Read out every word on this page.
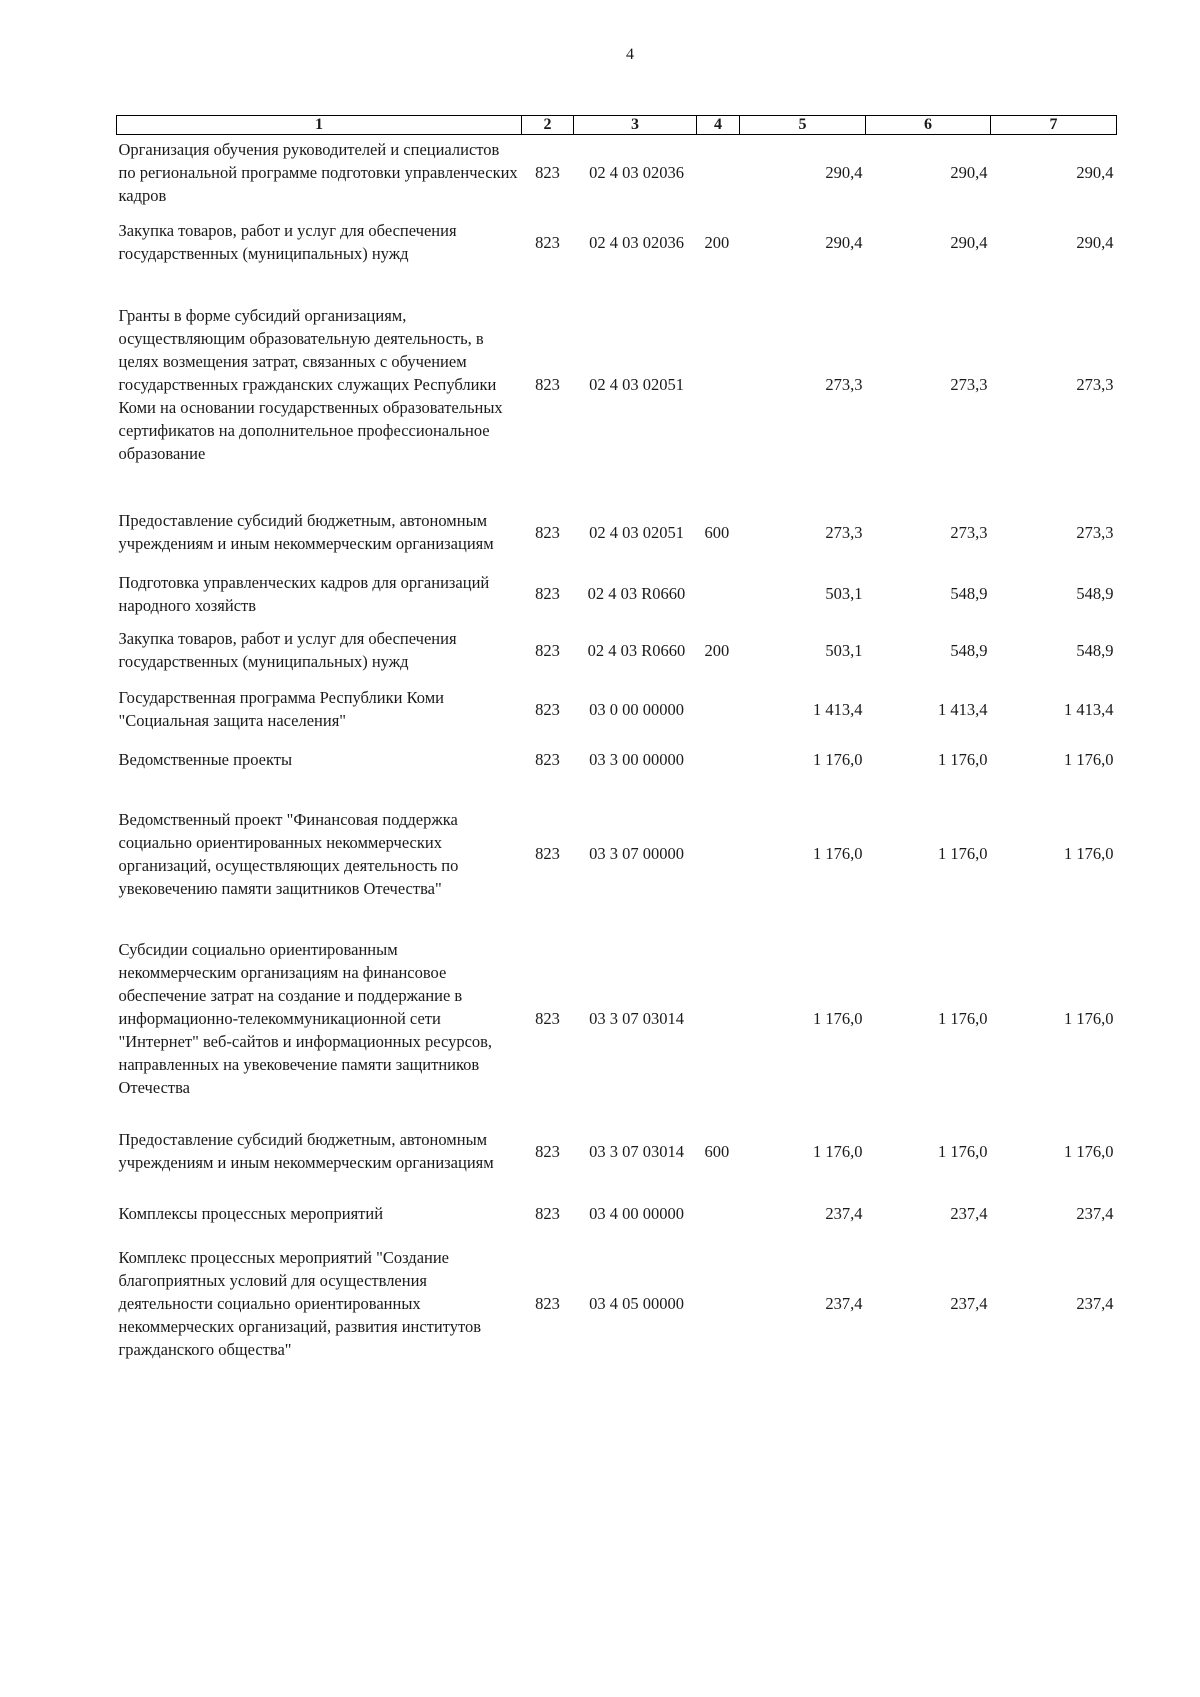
4
1	2	3	4	5	6	7
Организация обучения руководителей и специалистов по региональной программе подготовки управленческих кадров	823	02 4 03 02036		290,4	290,4	290,4
Закупка товаров, работ и услуг для обеспечения государственных (муниципальных) нужд	823	02 4 03 02036	200	290,4	290,4	290,4
Гранты в форме субсидий организациям, осуществляющим образовательную деятельность, в целях возмещения затрат, связанных с обучением государственных гражданских служащих Республики Коми на основании государственных образовательных сертификатов на дополнительное профессиональное образование	823	02 4 03 02051		273,3	273,3	273,3
Предоставление субсидий бюджетным, автономным учреждениям и иным некоммерческим организациям	823	02 4 03 02051	600	273,3	273,3	273,3
Подготовка управленческих кадров для организаций народного хозяйств	823	02 4 03 R0660		503,1	548,9	548,9
Закупка товаров, работ и услуг для обеспечения государственных (муниципальных) нужд	823	02 4 03 R0660	200	503,1	548,9	548,9
Государственная программа Республики Коми "Социальная защита населения"	823	03 0 00 00000		1 413,4	1 413,4	1 413,4
Ведомственные проекты	823	03 3 00 00000		1 176,0	1 176,0	1 176,0
Ведомственный проект "Финансовая поддержка социально ориентированных некоммерческих организаций, осуществляющих деятельность по увековечению памяти защитников Отечества"	823	03 3 07 00000		1 176,0	1 176,0	1 176,0
Субсидии социально ориентированным некоммерческим организациям на финансовое обеспечение затрат на создание и поддержание в информационно-телекоммуникационной сети "Интернет" веб-сайтов и информационных ресурсов, направленных на увековечение памяти защитников Отечества	823	03 3 07 03014		1 176,0	1 176,0	1 176,0
Предоставление субсидий бюджетным, автономным учреждениям и иным некоммерческим организациям	823	03 3 07 03014	600	1 176,0	1 176,0	1 176,0
Комплексы процессных мероприятий	823	03 4 00 00000		237,4	237,4	237,4
Комплекс процессных мероприятий "Создание благоприятных условий для осуществления деятельности социально ориентированных некоммерческих организаций, развития институтов гражданского общества"	823	03 4 05 00000		237,4	237,4	237,4
